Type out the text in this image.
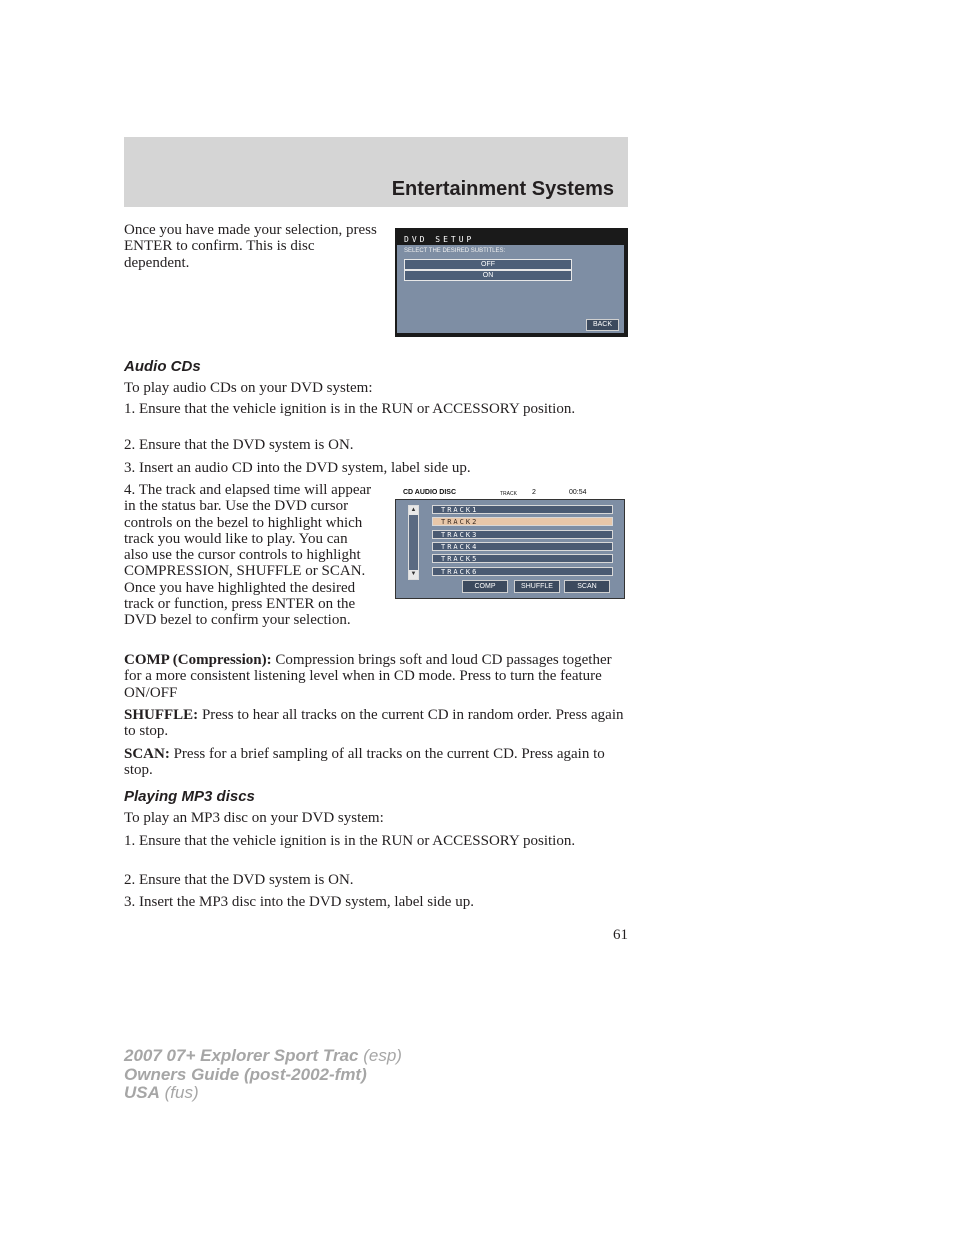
Entertainment Systems

Once you have made your selection, press ENTER to confirm. This is disc dependent.

DVD SETUP
SELECT THE DESIRED SUBTITLES:
OFF
ON
BACK

Audio CDs

To play audio CDs on your DVD system:

1. Ensure that the vehicle ignition is in the RUN or ACCESSORY position.

2. Ensure that the DVD system is ON.

3. Insert an audio CD into the DVD system, label side up.

4. The track and elapsed time will appear in the status bar. Use the DVD cursor controls on the bezel to highlight which track you would like to play. You can also use the cursor controls to highlight COMPRESSION, SHUFFLE or SCAN. Once you have highlighted the desired track or function, press ENTER on the DVD bezel to confirm your selection.

CD AUDIO DISC	TRACK 2	00:54
▲
▼
TRACK1
TRACK2
TRACK3
TRACK4
TRACK5
TRACK6
COMP	SHUFFLE	SCAN

COMP (Compression): Compression brings soft and loud CD passages together for a more consistent listening level when in CD mode. Press to turn the feature ON/OFF

SHUFFLE: Press to hear all tracks on the current CD in random order. Press again to stop.

SCAN: Press for a brief sampling of all tracks on the current CD. Press again to stop.

Playing MP3 discs

To play an MP3 disc on your DVD system:

1. Ensure that the vehicle ignition is in the RUN or ACCESSORY position.

2. Ensure that the DVD system is ON.

3. Insert the MP3 disc into the DVD system, label side up.

61
2007 07+ Explorer Sport Trac (esp)
Owners Guide (post-2002-fmt)
USA (fus)
